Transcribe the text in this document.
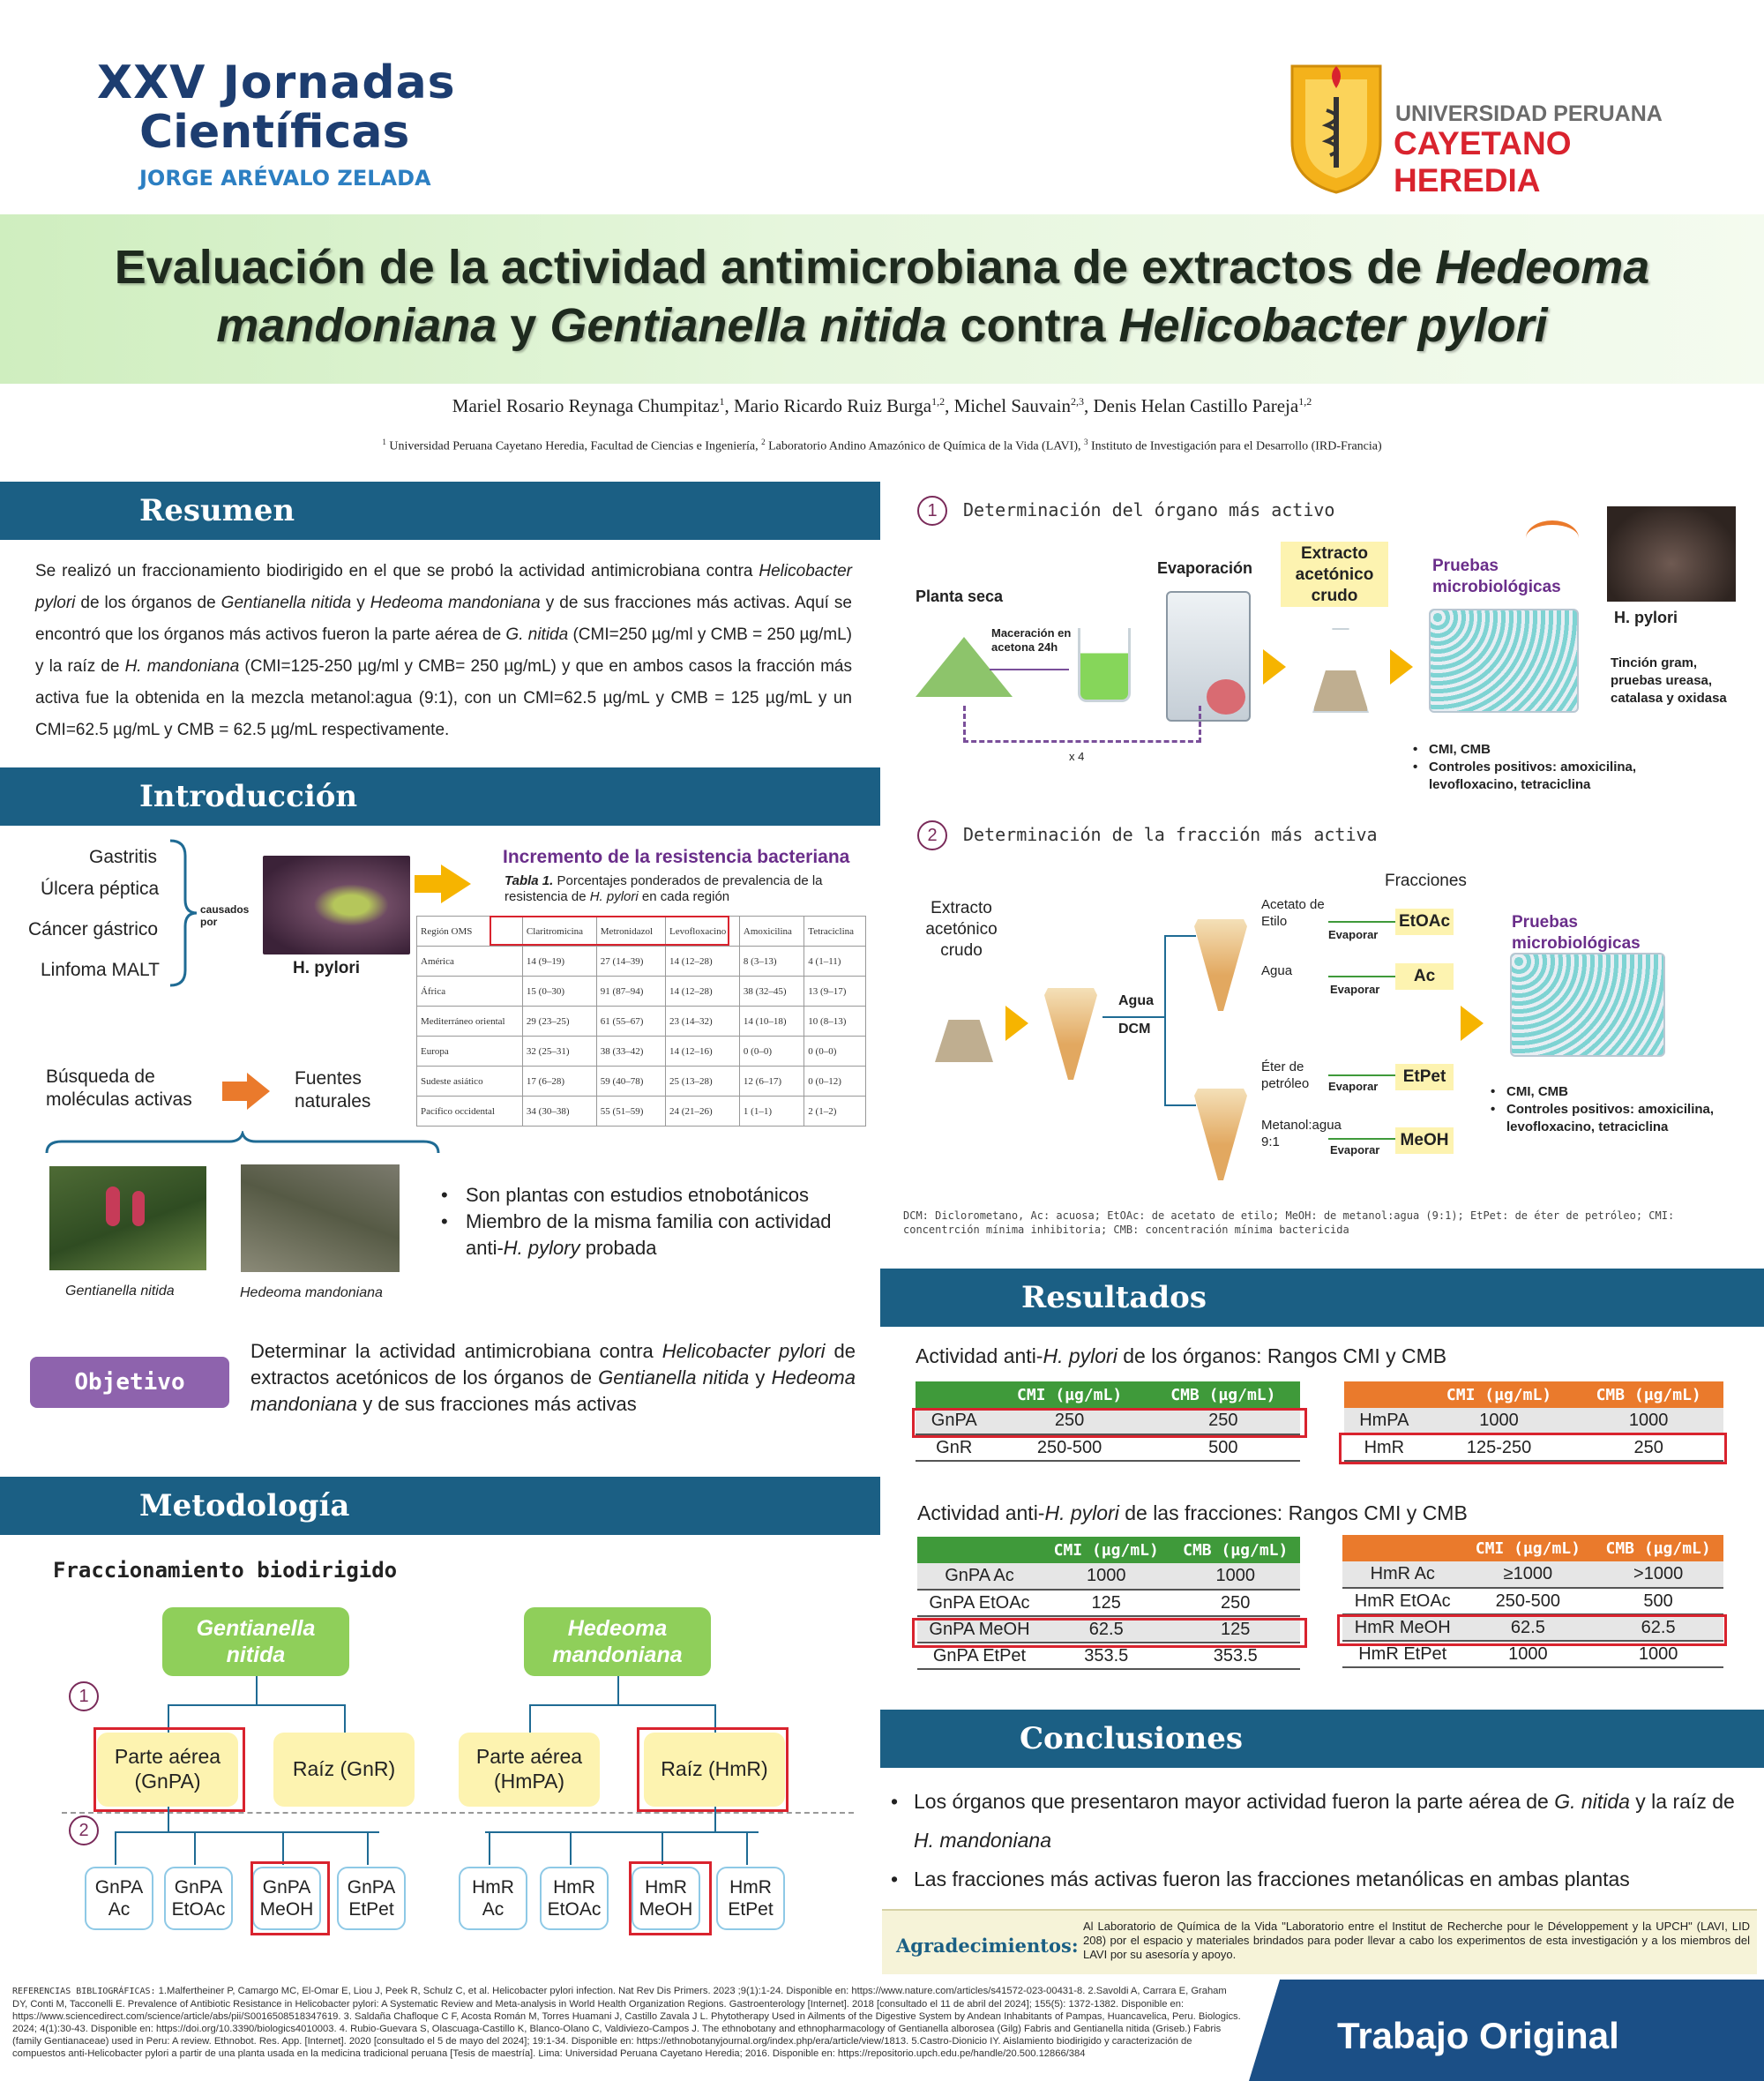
XXV Jornadas
Científicas
JORGE ARÉVALO ZELADA
UNIVERSIDAD PERUANA
CAYETANO HEREDIA
Evaluación de la actividad antimicrobiana de extractos de Hedeoma
mandoniana y Gentianella nitida contra Helicobacter pylori
Mariel Rosario Reynaga Chumpitaz$^1$, Mario Ricardo Ruiz Burga$^{1,2}$, Michel Sauvain$^{2,3}$, Denis Helan Castillo Pareja$^{1,2}$
$^1$ Universidad Peruana Cayetano Heredia, Facultad de Ciencias e Ingeniería, $^2$ Laboratorio Andino Amazónico de Química de la Vida (LAVI), $^3$ Instituto de Investigación para el Desarrollo (IRD-Francia)
Resumen
Se realizó un fraccionamiento biodirigido en el que se probó la actividad antimicrobiana contra Helicobacter pylori de los órganos de Gentianella nitida y Hedeoma mandoniana y de sus fracciones más activas. Aquí se encontró que los órganos más activos fueron la parte aérea de G. nitida (CMI=250 µg/ml y CMB = 250 µg/mL) y la raíz de H. mandoniana (CMI=125-250 µg/ml y CMB= 250 µg/mL) y que en ambos casos la fracción más activa fue la obtenida en la mezcla metanol:agua (9:1), con un CMI=62.5 µg/mL y CMB = 125 µg/mL y un CMI=62.5 µg/mL y CMB = 62.5 µg/mL respectivamente.
Introducción
Gastritis
Úlcera péptica
Cáncer gástrico
Linfoma MALT
causados por
H. pylori
Incremento de la resistencia bacteriana
Tabla 1. Porcentajes ponderados de prevalencia de la resistencia de H. pylori en cada región
Región OMS	Claritromicina	Metronidazol	Levofloxacino	Amoxicilina	Tetraciclina
América	14 (9–19)	27 (14–39)	14 (12–28)	8 (3–13)	4 (1–11)
África	15 (0–30)	91 (87–94)	14 (12–28)	38 (32–45)	13 (9–17)
Mediterráneo oriental	29 (23–25)	61 (55–67)	23 (14–32)	14 (10–18)	10 (8–13)
Europa	32 (25–31)	38 (33–42)	14 (12–16)	0 (0–0)	0 (0–0)
Sudeste asiático	17 (6–28)	59 (40–78)	25 (13–28)	12 (6–17)	0 (0–12)
Pacífico occidental	34 (30–38)	55 (51–59)	24 (21–26)	1 (1–1)	2 (1–2)
Búsqueda de moléculas activas
Fuentes naturales
Gentianella nitida	Hedeoma mandoniana
• Son plantas con estudios etnobotánicos
• Miembro de la misma familia con actividad anti-H. pylory probada
Objetivo
Determinar la actividad antimicrobiana contra Helicobacter pylori de extractos acetónicos de los órganos de Gentianella nitida y Hedeoma mandoniana y de sus fracciones más activas
Metodología
Fraccionamiento biodirigido
Gentianella nitida
Hedeoma mandoniana
1
2
Parte aérea (GnPA)
Raíz (GnR)
Parte aérea (HmPA)
Raíz (HmR)
GnPA Ac
GnPA EtOAc
GnPA MeOH
GnPA EtPet
HmR Ac
HmR EtOAc
HmR MeOH
HmR EtPet
1	Determinación del órgano más activo
Planta seca
Maceración en acetona 24h
Evaporación
x 4
Extracto acetónico crudo
Pruebas microbiológicas
H. pylori
Tinción gram, pruebas ureasa, catalasa y oxidasa
• CMI, CMB
• Controles positivos: amoxicilina, levofloxacino, tetraciclina
2	Determinación de la fracción más activa
Extracto acetónico crudo
Agua
DCM
Fracciones
Acetato de Etilo
Agua
Éter de petróleo
Metanol:agua 9:1
Evaporar
Evaporar
Evaporar
Evaporar
EtOAc
Ac
EtPet
MeOH
Pruebas microbiológicas
• CMI, CMB
• Controles positivos: amoxicilina, levofloxacino, tetraciclina
DCM: Diclorometano, Ac: acuosa; EtOAc: de acetato de etilo; MeOH: de metanol:agua (9:1); EtPet: de éter de petróleo; CMI: concentrción mínima inhibitoria; CMB: concentración mínima bactericida
Resultados
Actividad anti-H. pylori de los órganos: Rangos CMI y CMB
	CMI (µg/mL)	CMB (µg/mL)
GnPA	250	250
GnR	250-500	500
	CMI (µg/mL)	CMB (µg/mL)
HmPA	1000	1000
HmR	125-250	250
Actividad anti-H. pylori de las fracciones: Rangos CMI y CMB
	CMI (µg/mL)	CMB (µg/mL)
GnPA Ac	1000	1000
GnPA EtOAc	125	250
GnPA MeOH	62.5	125
GnPA EtPet	353.5	353.5
	CMI (µg/mL)	CMB (µg/mL)
HmR Ac	≥1000	>1000
HmR EtOAc	250-500	500
HmR MeOH	62.5	62.5
HmR EtPet	1000	1000
Conclusiones
• Los órganos que presentaron mayor actividad fueron la parte aérea de G. nitida y la raíz de H. mandoniana
• Las fracciones más activas fueron las fracciones metanólicas en ambas plantas
Agradecimientos:
Al Laboratorio de Química de la Vida "Laboratorio entre el Institut de Recherche pour le Développement y la UPCH" (LAVI, LID 208) por el espacio y materiales brindados para poder llevar a cabo los experimentos de esta investigación y a los miembros del LAVI por su asesoría y apoyo.
REFERENCIAS BIBLIOGRÁFICAS: 1.Malfertheiner P, Camargo MC, El-Omar E, Liou J, Peek R, Schulz C, et al. Helicobacter pylori infection. Nat Rev Dis Primers. 2023 ;9(1):1-24. Disponible en: https://www.nature.com/articles/s41572-023-00431-8. 2.Savoldi A, Carrara E, Graham DY, Conti M, Tacconelli E. Prevalence of Antibiotic Resistance in Helicobacter pylori: A Systematic Review and Meta-analysis in World Health Organization Regions. Gastroenterology [Internet]. 2018 [consultado el 11 de abril del 2024]; 155(5): 1372-1382. Disponible en: https://www.sciencedirect.com/science/article/abs/pii/S0016508518347619. 3. Saldaña Chafloque C F, Acosta Román M, Torres Huamani J, Castillo Zavala J L. Phytotherapy Used in Ailments of the Digestive System by Andean Inhabitants of Pampas, Huancavelica, Peru. Biologics. 2024; 4(1):30-43. Disponible en: https://doi.org/10.3390/biologics4010003. 4. Rubio-Guevara S, Olascuaga-Castillo K, Blanco-Olano C, Valdiviezo-Campos J. The ethnobotany and ethnopharmacology of Gentianella alborosea (Gilg) Fabris and Gentianella nitida (Griseb.) Fabris (family Gentianaceae) used in Peru: A review. Ethnobot. Res. App. [Internet]. 2020 [consultado el 5 de mayo del 2024]; 19:1-34. Disponible en: https://ethnobotanyjournal.org/index.php/era/article/view/1813. 5.Castro-Dionicio IY. Aislamiento biodirigido y caracterización de compuestos anti-Helicobacter pylori a partir de una planta usada en la medicina tradicional peruana [Tesis de maestría]. Lima: Universidad Peruana Cayetano Heredia; 2016. Disponible en: https://repositorio.upch.edu.pe/handle/20.500.12866/384	Trabajo Original
